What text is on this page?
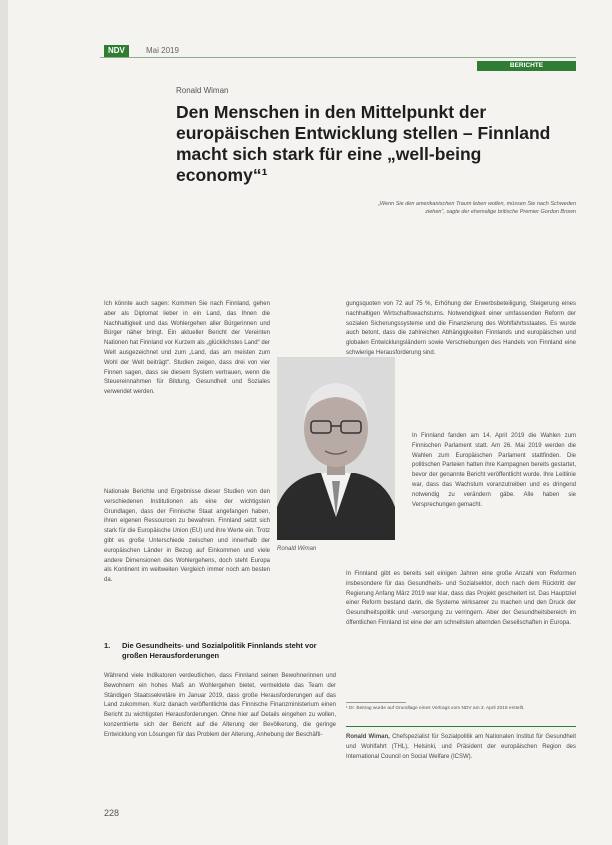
NDV	Mai 2019
BERICHTE
Ronald Wiman
Den Menschen in den Mittelpunkt der europäischen Entwicklung stellen – Finnland macht sich stark für eine „well-being economy“¹
„Wenn Sie den amerikanischen Traum leben wollen, müssen Sie nach Schweden ziehen“, sagte der ehemalige britische Premier Gordon Brown

Ich könnte auch sagen: Kommen Sie nach Finnland, gehen aber als Diplomat lieber in ein Land, das Ihnen die Nachhaltigkeit und das Wohlergehen aller Bürgerinnen und Bürger näher bringt. Ein aktueller Bericht der Vereinten Nationen hat Finnland vor Kurzem als „glücklichstes Land“ der Welt ausgezeichnet und zum „Land, das am meisten zum Wohl der Welt beiträgt“. Studien zeigen, dass drei von vier Finnen sagen, dass sie diesem System vertrauen, wenn die Steuereinnahmen für Bildung, Gesundheit und Soziales verwendet werden.

Nationale Berichte und Ergebnisse dieser Studien von den verschiedenen Institutionen als eine der wichtigsten Grundlagen, dass der Finnische Staat angefangen haben, ihren eigenen Ressourcen zu bewahren. Finnland setzt sich stark für die Europäische Union (EU) und ihre Werte ein. Trotz gibt es große Unterschiede zwischen und innerhalb der europäischen Länder in Bezug auf Einkommen und viele andere Dimensionen des Wohlergehens, doch steht Europa als Kontinent im weltweiten Vergleich immer noch am besten da.

Ronald Wiman

gungsquoten von 72 auf 75 %, Erhöhung der Erwerbsbeteiligung, Steigerung eines nachhaltigen Wirtschaftswachstums. Notwendigkeit einer umfassenden Reform der sozialen Sicherungssysteme und die Finanzierung des Wohlfahrtsstaates. Es wurde auch betont, dass die zahlreichen Abhängigkeiten Finnlands und europäischen und globalen Entwicklungsländern sowie Verschiebungen des Handels von Finnland eine schwierige Herausforderung sind.

In Finnland fanden am 14. April 2019 die Wahlen zum Finnischen Parlament statt. Am 26. Mai 2019 werden die Wahlen zum Europäischen Parlament stattfinden. Die politischen Parteien hatten ihre Kampagnen bereits gestartet, bevor der genannte Bericht veröffentlicht wurde. Ihre Leitlinie war, dass das Wachstum voranzutreiben und es dringend notwendig zu verändern gäbe. Alle haben sie Versprechungen gemacht.

In Finnland gibt es bereits seit einigen Jahren eine große Anzahl von Reformen insbesondere für das Gesundheits- und Sozialsektor, doch nach dem Rücktritt der Regierung Anfang März 2019 war klar, dass das Projekt gescheitert ist. Das Hauptziel einer Reform bestand darin, die Systeme wirksamer zu machen und den Druck der Gesundheitspolitik und -versorgung zu verringern. Aber der Gesundheitsbereich im öffentlichen Finnland ist eine der am schnellsten alternden Gesellschaften in Europa.

1.	Die Gesundheits- und Sozialpolitik Finnlands steht vor großen Herausforderungen

Während viele Indikatoren verdeutlichen, dass Finnland seinen Bewohnerinnen und Bewohnern ein hohes Maß an Wohlergehen bietet, vermeldete das Team der Ständigen Staatssekretäre im Januar 2019, dass große Herausforderungen auf das Land zukommen. Kurz danach veröffentlichte das Finnische Finanzministerium einen Bericht zu wichtigsten Herausforderungen. Ohne hier auf Details eingehen zu wollen, konzentrierte sich der Bericht auf die Alterung der Bevölkerung, die geringe Entwicklung von Lösungen für das Problem der Alterung, Anhebung der Beschäfti-

¹ Dr. Beitrag wurde auf Grundlage eines Vortrags vom NDV am 3. April 2019 erstellt.

Ronald Wiman, Chefspezialist für Sozialpolitik am Nationalen Institut für Gesundheit und Wohlfahrt (THL), Helsinki, und Präsident der europäischen Region des International Council on Social Welfare (ICSW).

228
